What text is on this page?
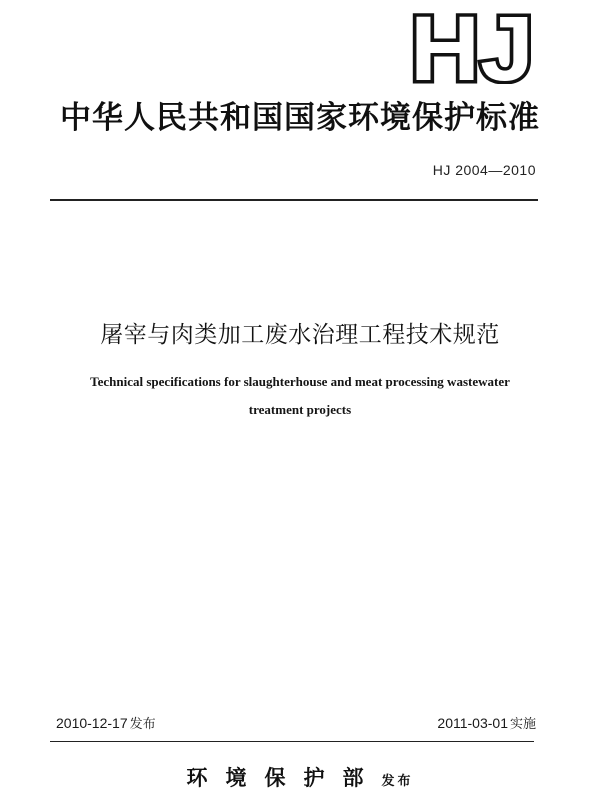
HJ
中华人民共和国国家环境保护标准
HJ 2004—2010
屠宰与肉类加工废水治理工程技术规范
Technical specifications for slaughterhouse and meat processing wastewater
treatment projects
2010-12-17 发布	2011-03-01 实施
环境保护部发布
